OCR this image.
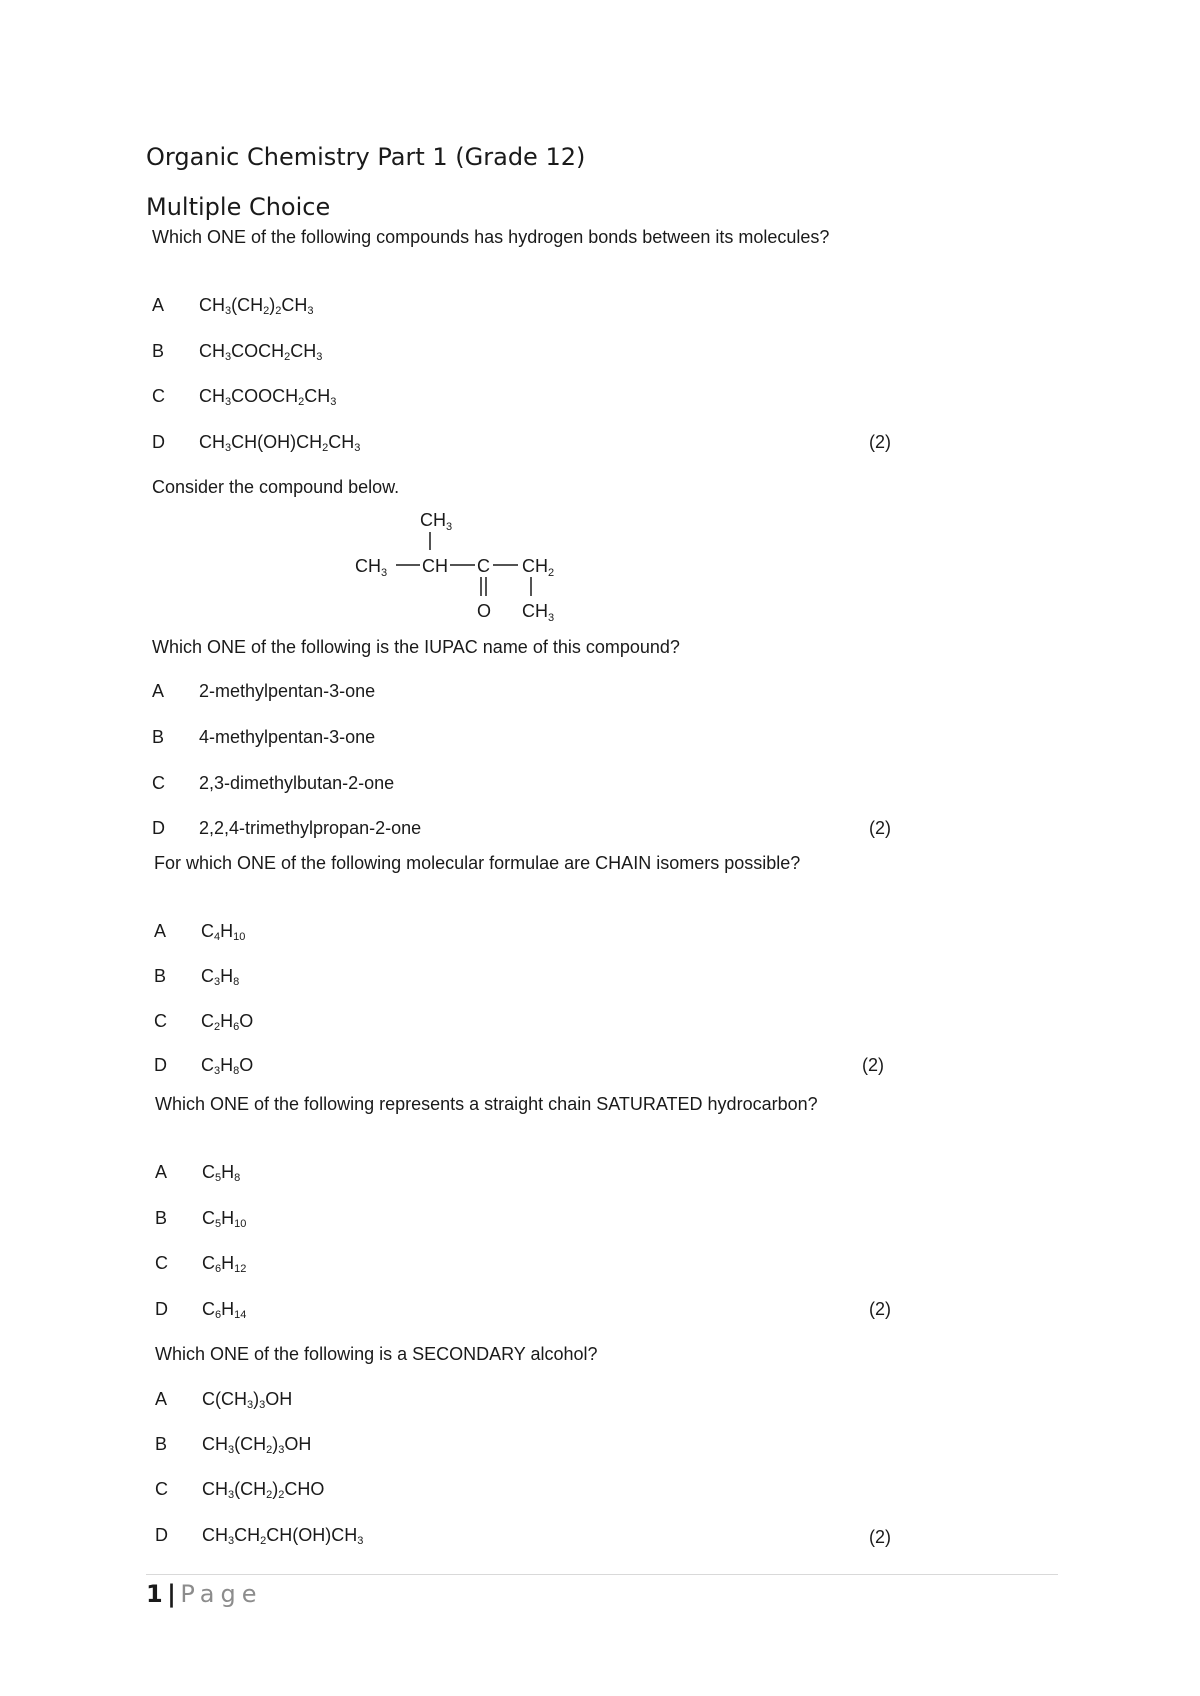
Organic Chemistry Part 1 (Grade 12)
Multiple Choice
Which ONE of the following compounds has hydrogen bonds between its molecules?
A $CH_3(CH_2)_2CH_3$
B $CH_3COCH_2CH_3$
C $CH_3COOCH_2CH_3$
D $CH_3CH(OH)CH_2CH_3$	(2)
Consider the compound below.
$CH_3$
$CH_3$ CH C $CH_2$
O $CH_3$
Which ONE of the following is the IUPAC name of this compound?
A 2-methylpentan-3-one
B 4-methylpentan-3-one
C 2,3-dimethylbutan-2-one
D 2,2,4-trimethylpropan-2-one	(2)
For which ONE of the following molecular formulae are CHAIN isomers possible?
A $C_4H_{10}$
B $C_3H_8$
C $C_2H_6O$
D $C_3H_8O$	(2)
Which ONE of the following represents a straight chain SATURATED hydrocarbon?
A $C_5H_8$
B $C_5H_{10}$
C $C_6H_{12}$
D $C_6H_{14}$	(2)
Which ONE of the following is a SECONDARY alcohol?
A $C(CH_3)_3OH$
B $CH_3(CH_2)_3OH$
C $CH_3(CH_2)_2CHO$
D $CH_3CH_2CH(OH)CH_3$	(2)
1 | Page
